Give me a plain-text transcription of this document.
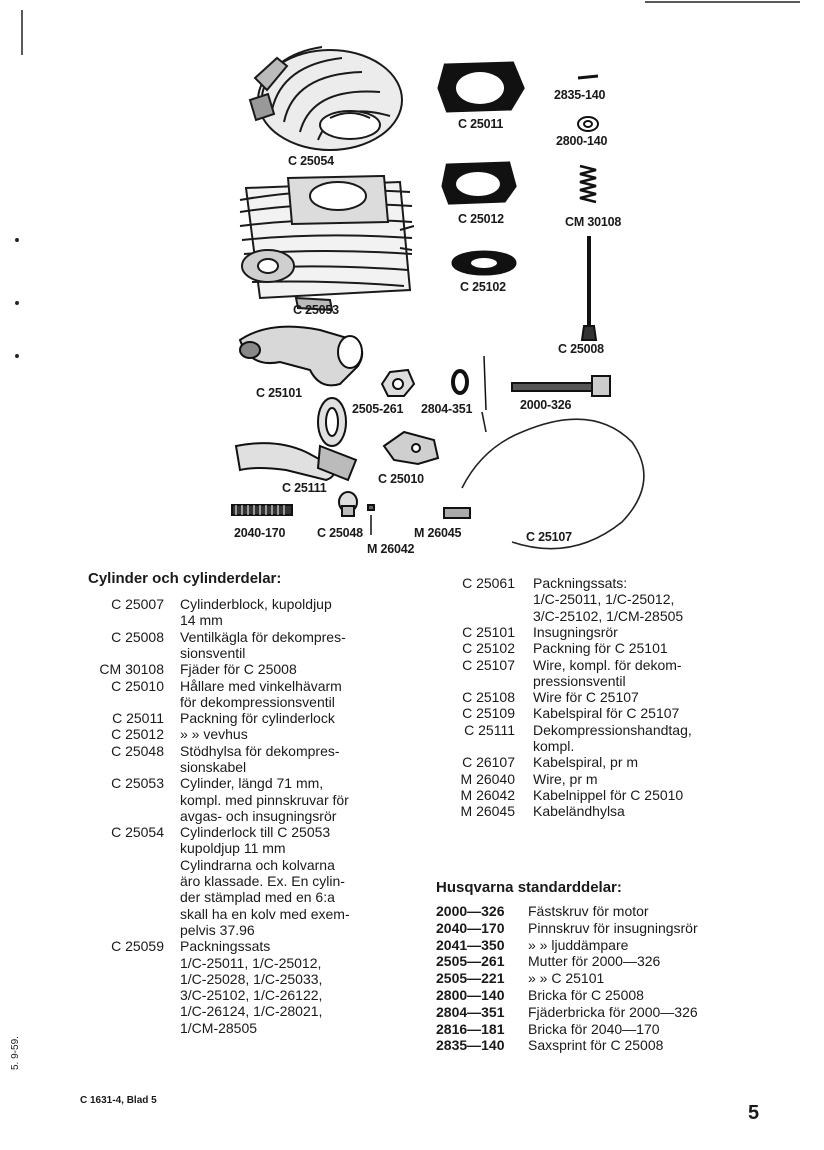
C 25054
C 25011
2835-140
2800-140
C 25012	CM 30108
C 25102
C 25053
C 25008
C 25101
2505-261 2804-351	2000-326
C 25010
C 25111
2040-170	C 25048	M 26045
M 26042
C 25107
Cylinder och cylinderdelar:
C 25007 Cylinderblock, kupoldjup
14 mm
C 25008 Ventilkägla för dekompres-
sionsventil
CM 30108 Fjäder för C 25008
C 25010 Hållare med vinkelhävarm
för dekompressionsventil
C 25011 Packning för cylinderlock
C 25012 » » vevhus
C 25048 Stödhylsa för dekompres-
sionskabel
C 25053 Cylinder, längd 71 mm,
kompl. med pinnskruvar för
avgas- och insugningsrör
C 25054 Cylinderlock till C 25053
kupoldjup 11 mm
Cylindrarna och kolvarna
äro klassade. Ex. En cylin-
der stämplad med en 6:a
skall ha en kolv med exem-
pelvis 37.96
C 25059 Packningssats
1/C-25011, 1/C-25012,
1/C-25028, 1/C-25033,
3/C-25102, 1/C-26122,
1/C-26124, 1/C-28021,
1/CM-28505
C 25061 Packningssats:
1/C-25011, 1/C-25012,
3/C-25102, 1/CM-28505
C 25101 Insugningsrör
C 25102 Packning för C 25101
C 25107 Wire, kompl. för dekom-
pressionsventil
C 25108 Wire för C 25107
C 25109 Kabelspiral för C 25107
C 25111 Dekompressionshandtag,
kompl.
C 26107 Kabelspiral, pr m
M 26040 Wire, pr m
M 26042 Kabelnippel för C 25010
M 26045 Kabeländhylsa
Husqvarna standarddelar:
2000—326 Fästskruv för motor
2040—170 Pinnskruv för insugningsrör
2041—350 » » ljuddämpare
2505—261 Mutter för 2000—326
2505—221 » » C 25101
2800—140 Bricka för C 25008
2804—351 Fjäderbricka för 2000—326
2816—181 Bricka för 2040—170
2835—140 Saxsprint för C 25008
C 1631-4, Blad 5
5. 9-59.
5
